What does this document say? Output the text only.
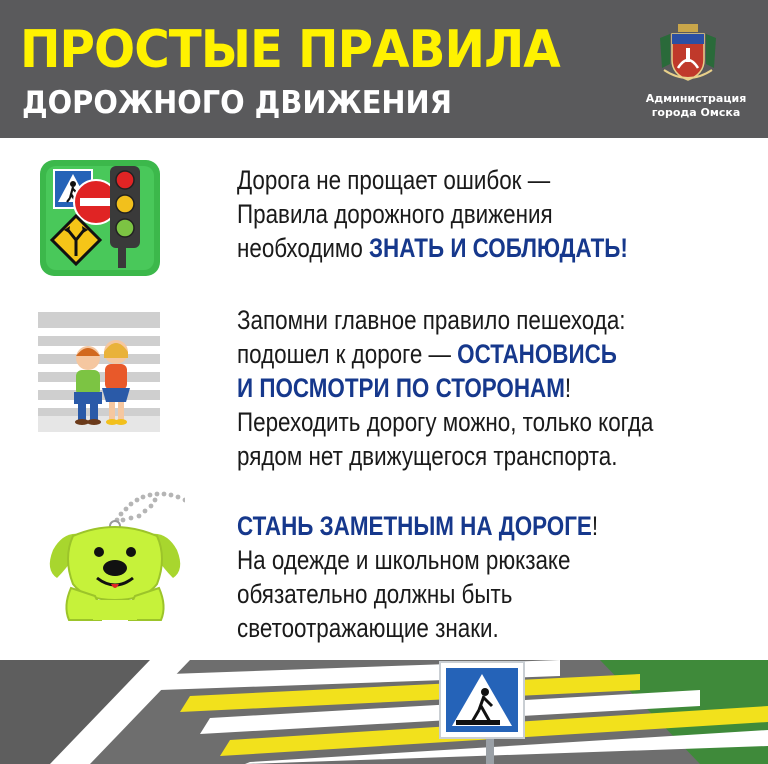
ПРОСТЫЕ ПРАВИЛА
ДОРОЖНОГО ДВИЖЕНИЯ	Администрация
города Омска
Дорога не прощает ошибок —
Правила дорожного движения
необходимо ЗНАТЬ И СОБЛЮДАТЬ!
Запомни главное правило пешехода:
подошел к дороге — ОСТАНОВИСЬ
И ПОСМОТРИ ПО СТОРОНАМ!
Переходить дорогу можно, только когда
рядом нет движущегося транспорта.
СТАНЬ ЗАМЕТНЫМ НА ДОРОГЕ!
На одежде и школьном рюкзаке
обязательно должны быть
светоотражающие знаки.
